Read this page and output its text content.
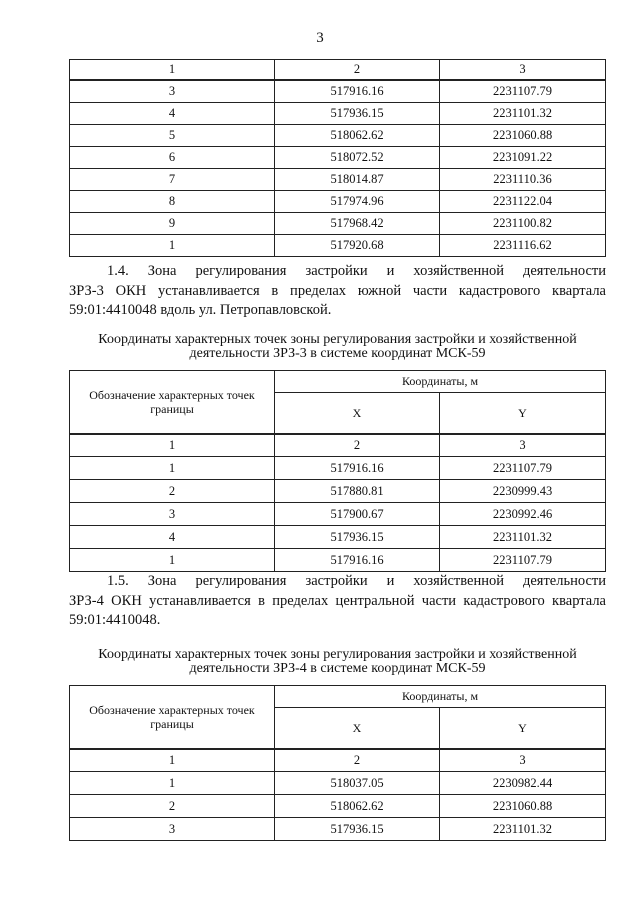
3
1	2	3
3	517916.16	2231107.79
4	517936.15	2231101.32
5	518062.62	2231060.88
6	518072.52	2231091.22
7	518014.87	2231110.36
8	517974.96	2231122.04
9	517968.42	2231100.82
1	517920.68	2231116.62
1.4. Зона регулирования застройки и хозяйственной деятельности
ЗРЗ-3 ОКН устанавливается в пределах южной части кадастрового квартала 59:01:4410048 вдоль ул. Петропавловской.
Координаты характерных точек зоны регулирования застройки и хозяйственной
деятельности ЗРЗ-3 в системе координат МСК-59
Обозначение характерных точек границы	Координаты, м	
	X	Y
1	2	3
1	517916.16	2231107.79
2	517880.81	2230999.43
3	517900.67	2230992.46
4	517936.15	2231101.32
1	517916.16	2231107.79
1.5. Зона регулирования застройки и хозяйственной деятельности
ЗРЗ-4 ОКН устанавливается в пределах центральной части кадастрового квартала 59:01:4410048.
Координаты характерных точек зоны регулирования застройки и хозяйственной
деятельности ЗРЗ-4 в системе координат МСК-59
Обозначение характерных точек границы	Координаты, м	
	X	Y
1	2	3
1	518037.05	2230982.44
2	518062.62	2231060.88
3	517936.15	2231101.32
